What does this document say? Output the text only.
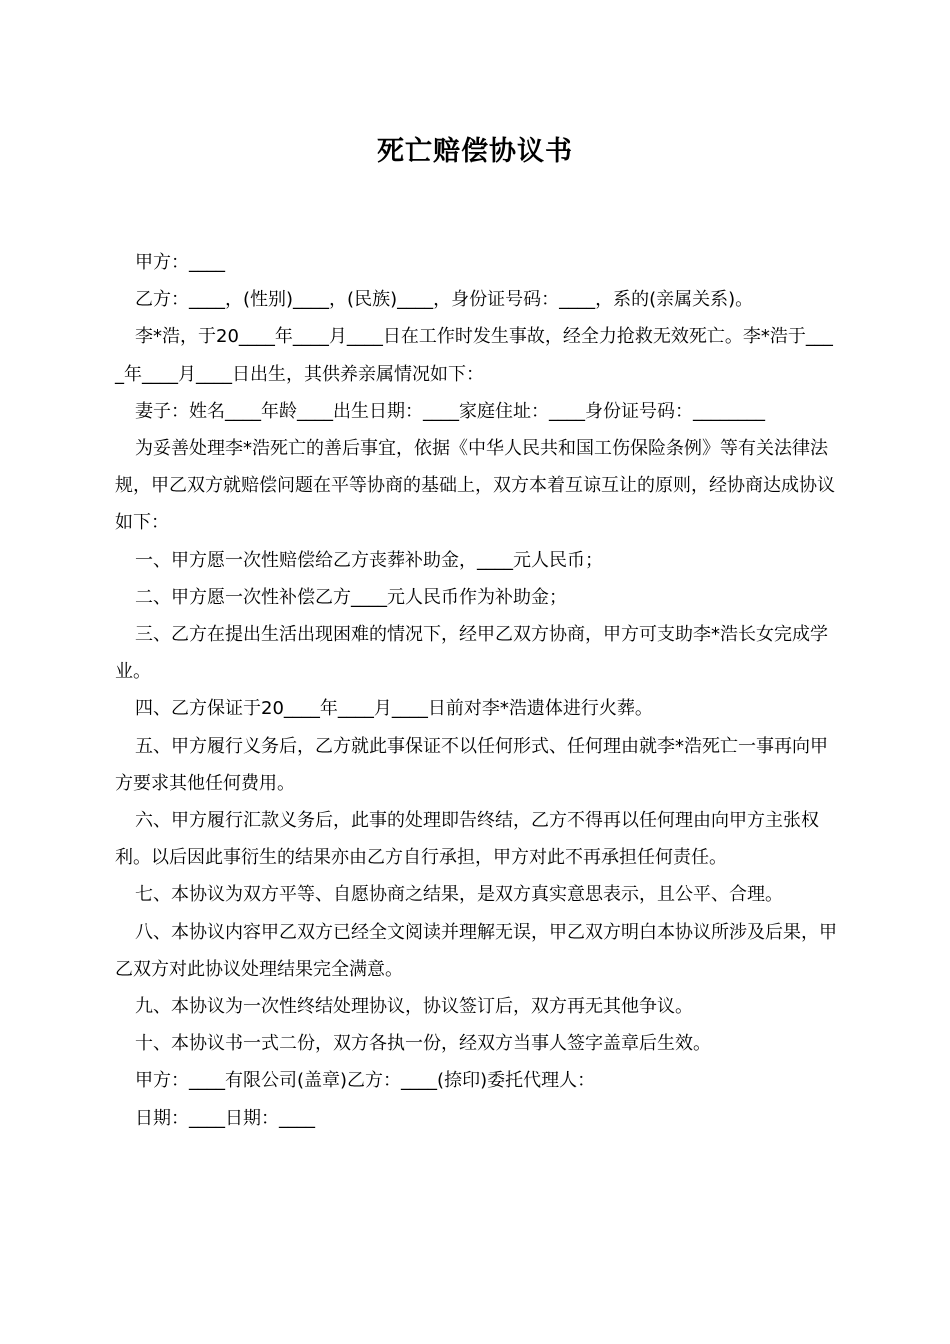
死亡赔偿协议书

甲方：____

乙方：____，(性别)____，(民族)____，身份证号码：____，系的(亲属关系)。

李*浩，于20____年____月____日在工作时发生事故，经全力抢救无效死亡。李*浩于____年____月____日出生，其供养亲属情况如下：

妻子：姓名____年龄____出生日期：____家庭住址：____身份证号码：________

为妥善处理李*浩死亡的善后事宜，依据《中华人民共和国工伤保险条例》等有关法律法规，甲乙双方就赔偿问题在平等协商的基础上，双方本着互谅互让的原则，经协商达成协议如下：

一、甲方愿一次性赔偿给乙方丧葬补助金，____元人民币；

二、甲方愿一次性补偿乙方____元人民币作为补助金；

三、乙方在提出生活出现困难的情况下，经甲乙双方协商，甲方可支助李*浩长女完成学业。

四、乙方保证于20____年____月____日前对李*浩遗体进行火葬。

五、甲方履行义务后，乙方就此事保证不以任何形式、任何理由就李*浩死亡一事再向甲方要求其他任何费用。

六、甲方履行汇款义务后，此事的处理即告终结，乙方不得再以任何理由向甲方主张权利。以后因此事衍生的结果亦由乙方自行承担，甲方对此不再承担任何责任。

七、本协议为双方平等、自愿协商之结果，是双方真实意思表示，且公平、合理。

八、本协议内容甲乙双方已经全文阅读并理解无误，甲乙双方明白本协议所涉及后果，甲乙双方对此协议处理结果完全满意。

九、本协议为一次性终结处理协议，协议签订后，双方再无其他争议。

十、本协议书一式二份，双方各执一份，经双方当事人签字盖章后生效。

甲方：____有限公司(盖章)乙方：____(捺印)委托代理人：

日期：____日期：____
